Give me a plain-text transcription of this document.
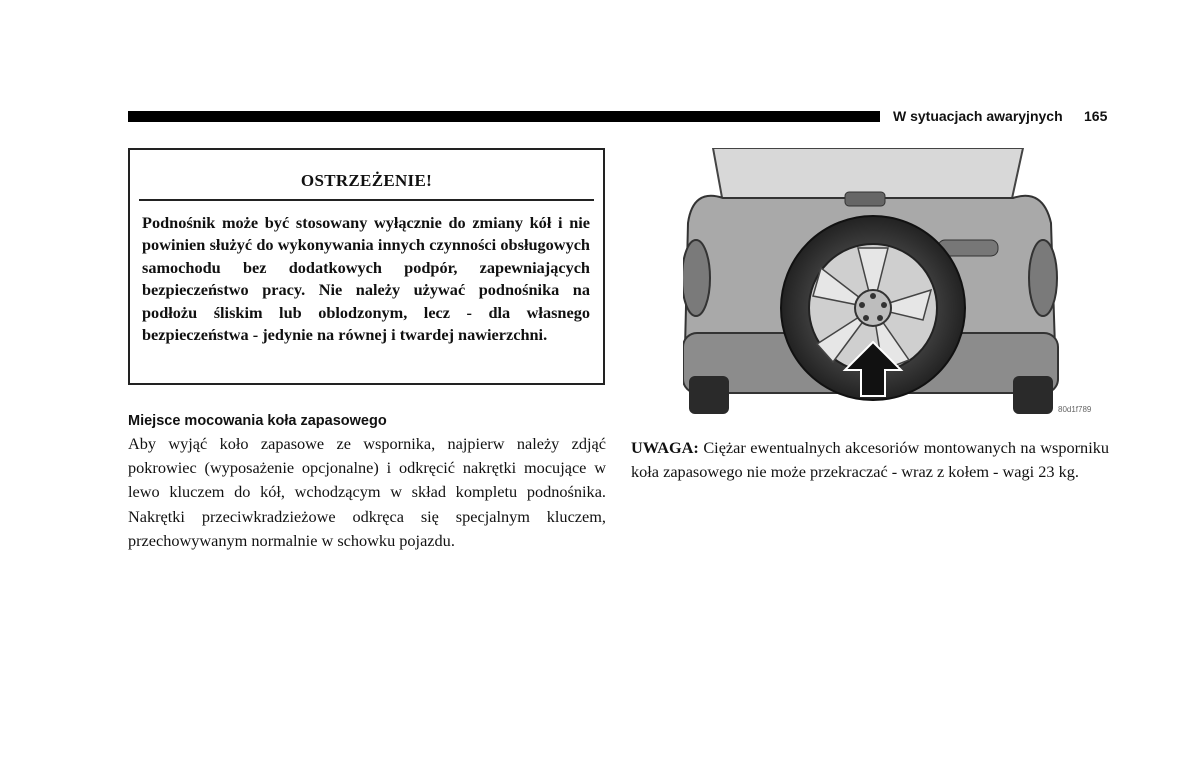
W sytuacjach awaryjnych 165
OSTRZEŻENIE!

Podnośnik może być stosowany wyłącznie do zmiany kół i nie powinien służyć do wykonywania innych czynności obsługowych samochodu bez dodatkowych podpór, zapewniających bezpieczeństwo pracy. Nie należy używać podnośnika na podłożu śliskim lub oblodzonym, lecz - dla własnego bezpieczeństwa - jedynie na równej i twardej nawierzchni.

Miejsce mocowania koła zapasowego

Aby wyjąć koło zapasowe ze wspornika, najpierw należy zdjąć pokrowiec (wyposażenie opcjonalne) i odkręcić nakrętki mocujące w lewo kluczem do kół, wchodzącym w skład kompletu podnośnika. Nakrętki przeciwkradzieżowe odkręca się specjalnym kluczem, przechowywanym normalnie w schowku pojazdu.

80d1f789

UWAGA: Ciężar ewentualnych akcesoriów montowanych na wsporniku koła zapasowego nie może przekraczać - wraz z kołem - wagi 23 kg.
